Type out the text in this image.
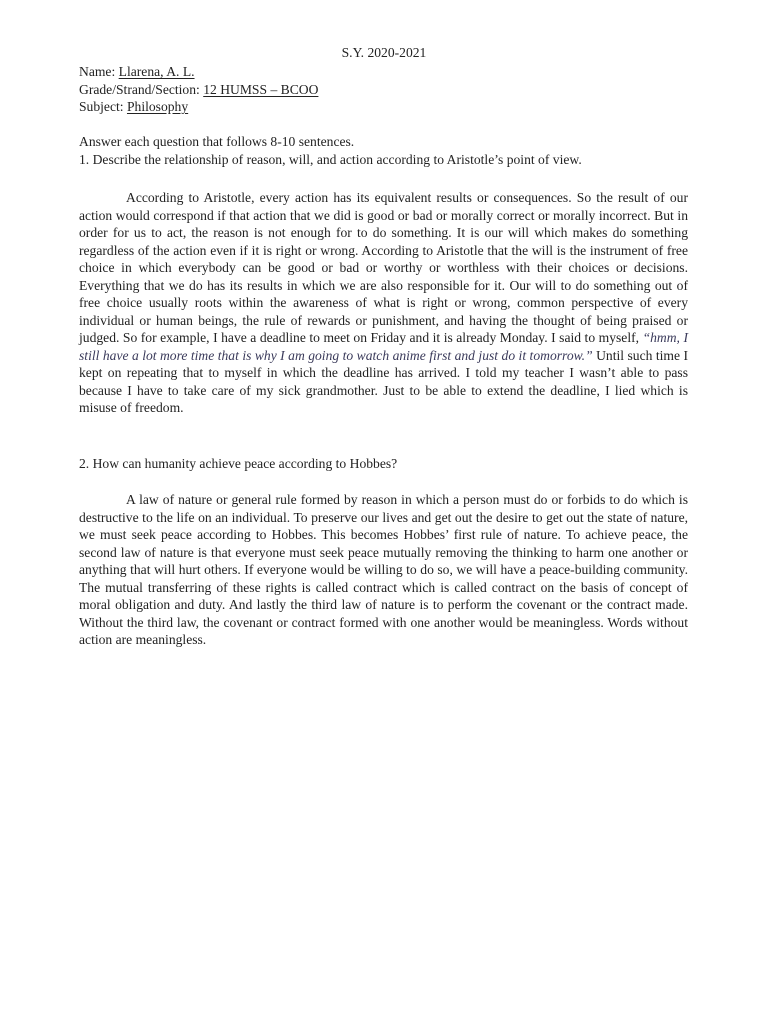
S.Y. 2020-2021

Name: Llarena, A. L.

Grade/Strand/Section: 12 HUMSS – BCOO

Subject: Philosophy

Answer each question that follows 8-10 sentences.

1. Describe the relationship of reason, will, and action according to Aristotle’s point of view.

According to Aristotle, every action has its equivalent results or consequences. So the result of our action would correspond if that action that we did is good or bad or morally correct or morally incorrect. But in order for us to act, the reason is not enough for to do something. It is our will which makes do something regardless of the action even if it is right or wrong. According to Aristotle that the will is the instrument of free choice in which everybody can be good or bad or worthy or worthless with their choices or decisions. Everything that we do has its results in which we are also responsible for it. Our will to do something out of free choice usually roots within the awareness of what is right or wrong, common perspective of every individual or human beings, the rule of rewards or punishment, and having the thought of being praised or judged. So for example, I have a deadline to meet on Friday and it is already Monday. I said to myself, “hmm, I still have a lot more time that is why I am going to watch anime first and just do it tomorrow.” Until such time I kept on repeating that to myself in which the deadline has arrived. I told my teacher I wasn’t able to pass because I have to take care of my sick grandmother. Just to be able to extend the deadline, I lied which is misuse of freedom.

2. How can humanity achieve peace according to Hobbes?

A law of nature or general rule formed by reason in which a person must do or forbids to do which is destructive to the life on an individual. To preserve our lives and get out the desire to get out the state of nature, we must seek peace according to Hobbes. This becomes Hobbes’ first rule of nature. To achieve peace, the second law of nature is that everyone must seek peace mutually removing the thinking to harm one another or anything that will hurt others. If everyone would be willing to do so, we will have a peace-building community. The mutual transferring of these rights is called contract which is called contract on the basis of concept of moral obligation and duty. And lastly the third law of nature is to perform the covenant or the contract made. Without the third law, the covenant or contract formed with one another would be meaningless. Words without action are meaningless.
